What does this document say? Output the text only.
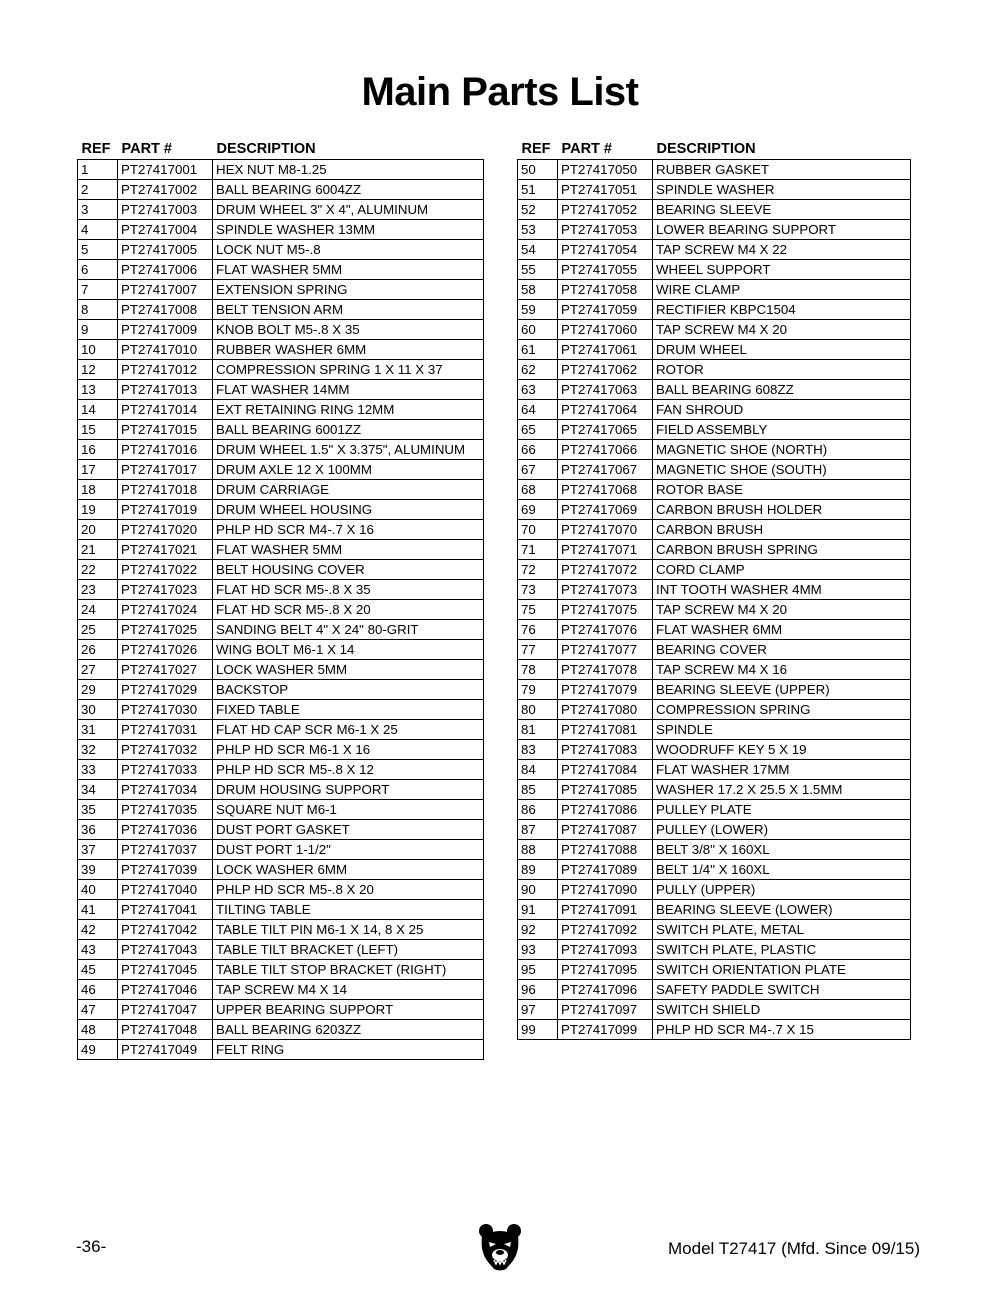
Main Parts List
REF	PART #	DESCRIPTION
1	PT27417001	HEX NUT M8-1.25
2	PT27417002	BALL BEARING 6004ZZ
3	PT27417003	DRUM WHEEL 3" X 4", ALUMINUM
4	PT27417004	SPINDLE WASHER 13MM
5	PT27417005	LOCK NUT M5-.8
6	PT27417006	FLAT WASHER 5MM
7	PT27417007	EXTENSION SPRING
8	PT27417008	BELT TENSION ARM
9	PT27417009	KNOB BOLT M5-.8 X 35
10	PT27417010	RUBBER WASHER 6MM
12	PT27417012	COMPRESSION SPRING 1 X 11 X 37
13	PT27417013	FLAT WASHER 14MM
14	PT27417014	EXT RETAINING RING 12MM
15	PT27417015	BALL BEARING 6001ZZ
16	PT27417016	DRUM WHEEL 1.5" X 3.375", ALUMINUM
17	PT27417017	DRUM AXLE 12 X 100MM
18	PT27417018	DRUM CARRIAGE
19	PT27417019	DRUM WHEEL HOUSING
20	PT27417020	PHLP HD SCR M4-.7 X 16
21	PT27417021	FLAT WASHER 5MM
22	PT27417022	BELT HOUSING COVER
23	PT27417023	FLAT HD SCR M5-.8 X 35
24	PT27417024	FLAT HD SCR M5-.8 X 20
25	PT27417025	SANDING BELT 4" X 24" 80-GRIT
26	PT27417026	WING BOLT M6-1 X 14
27	PT27417027	LOCK WASHER 5MM
29	PT27417029	BACKSTOP
30	PT27417030	FIXED TABLE
31	PT27417031	FLAT HD CAP SCR M6-1 X 25
32	PT27417032	PHLP HD SCR M6-1 X 16
33	PT27417033	PHLP HD SCR M5-.8 X 12
34	PT27417034	DRUM HOUSING SUPPORT
35	PT27417035	SQUARE NUT M6-1
36	PT27417036	DUST PORT GASKET
37	PT27417037	DUST PORT 1-1/2"
39	PT27417039	LOCK WASHER 6MM
40	PT27417040	PHLP HD SCR M5-.8 X 20
41	PT27417041	TILTING TABLE
42	PT27417042	TABLE TILT PIN M6-1 X 14, 8 X 25
43	PT27417043	TABLE TILT BRACKET (LEFT)
45	PT27417045	TABLE TILT STOP BRACKET (RIGHT)
46	PT27417046	TAP SCREW M4 X 14
47	PT27417047	UPPER BEARING SUPPORT
48	PT27417048	BALL BEARING 6203ZZ
49	PT27417049	FELT RING
REF	PART #	DESCRIPTION
50	PT27417050	RUBBER GASKET
51	PT27417051	SPINDLE WASHER
52	PT27417052	BEARING SLEEVE
53	PT27417053	LOWER BEARING SUPPORT
54	PT27417054	TAP SCREW M4 X 22
55	PT27417055	WHEEL SUPPORT
58	PT27417058	WIRE CLAMP
59	PT27417059	RECTIFIER KBPC1504
60	PT27417060	TAP SCREW M4 X 20
61	PT27417061	DRUM WHEEL
62	PT27417062	ROTOR
63	PT27417063	BALL BEARING 608ZZ
64	PT27417064	FAN SHROUD
65	PT27417065	FIELD ASSEMBLY
66	PT27417066	MAGNETIC SHOE (NORTH)
67	PT27417067	MAGNETIC SHOE (SOUTH)
68	PT27417068	ROTOR BASE
69	PT27417069	CARBON BRUSH HOLDER
70	PT27417070	CARBON BRUSH
71	PT27417071	CARBON BRUSH SPRING
72	PT27417072	CORD CLAMP
73	PT27417073	INT TOOTH WASHER 4MM
75	PT27417075	TAP SCREW M4 X 20
76	PT27417076	FLAT WASHER 6MM
77	PT27417077	BEARING COVER
78	PT27417078	TAP SCREW M4 X 16
79	PT27417079	BEARING SLEEVE (UPPER)
80	PT27417080	COMPRESSION SPRING
81	PT27417081	SPINDLE
83	PT27417083	WOODRUFF KEY 5 X 19
84	PT27417084	FLAT WASHER 17MM
85	PT27417085	WASHER 17.2 X 25.5 X 1.5MM
86	PT27417086	PULLEY PLATE
87	PT27417087	PULLEY (LOWER)
88	PT27417088	BELT 3/8" X 160XL
89	PT27417089	BELT 1/4" X 160XL
90	PT27417090	PULLY (UPPER)
91	PT27417091	BEARING SLEEVE (LOWER)
92	PT27417092	SWITCH PLATE, METAL
93	PT27417093	SWITCH PLATE, PLASTIC
95	PT27417095	SWITCH ORIENTATION PLATE
96	PT27417096	SAFETY PADDLE SWITCH
97	PT27417097	SWITCH SHIELD
99	PT27417099	PHLP HD SCR M4-.7 X 15
-36-	Model T27417 (Mfd. Since 09/15)
